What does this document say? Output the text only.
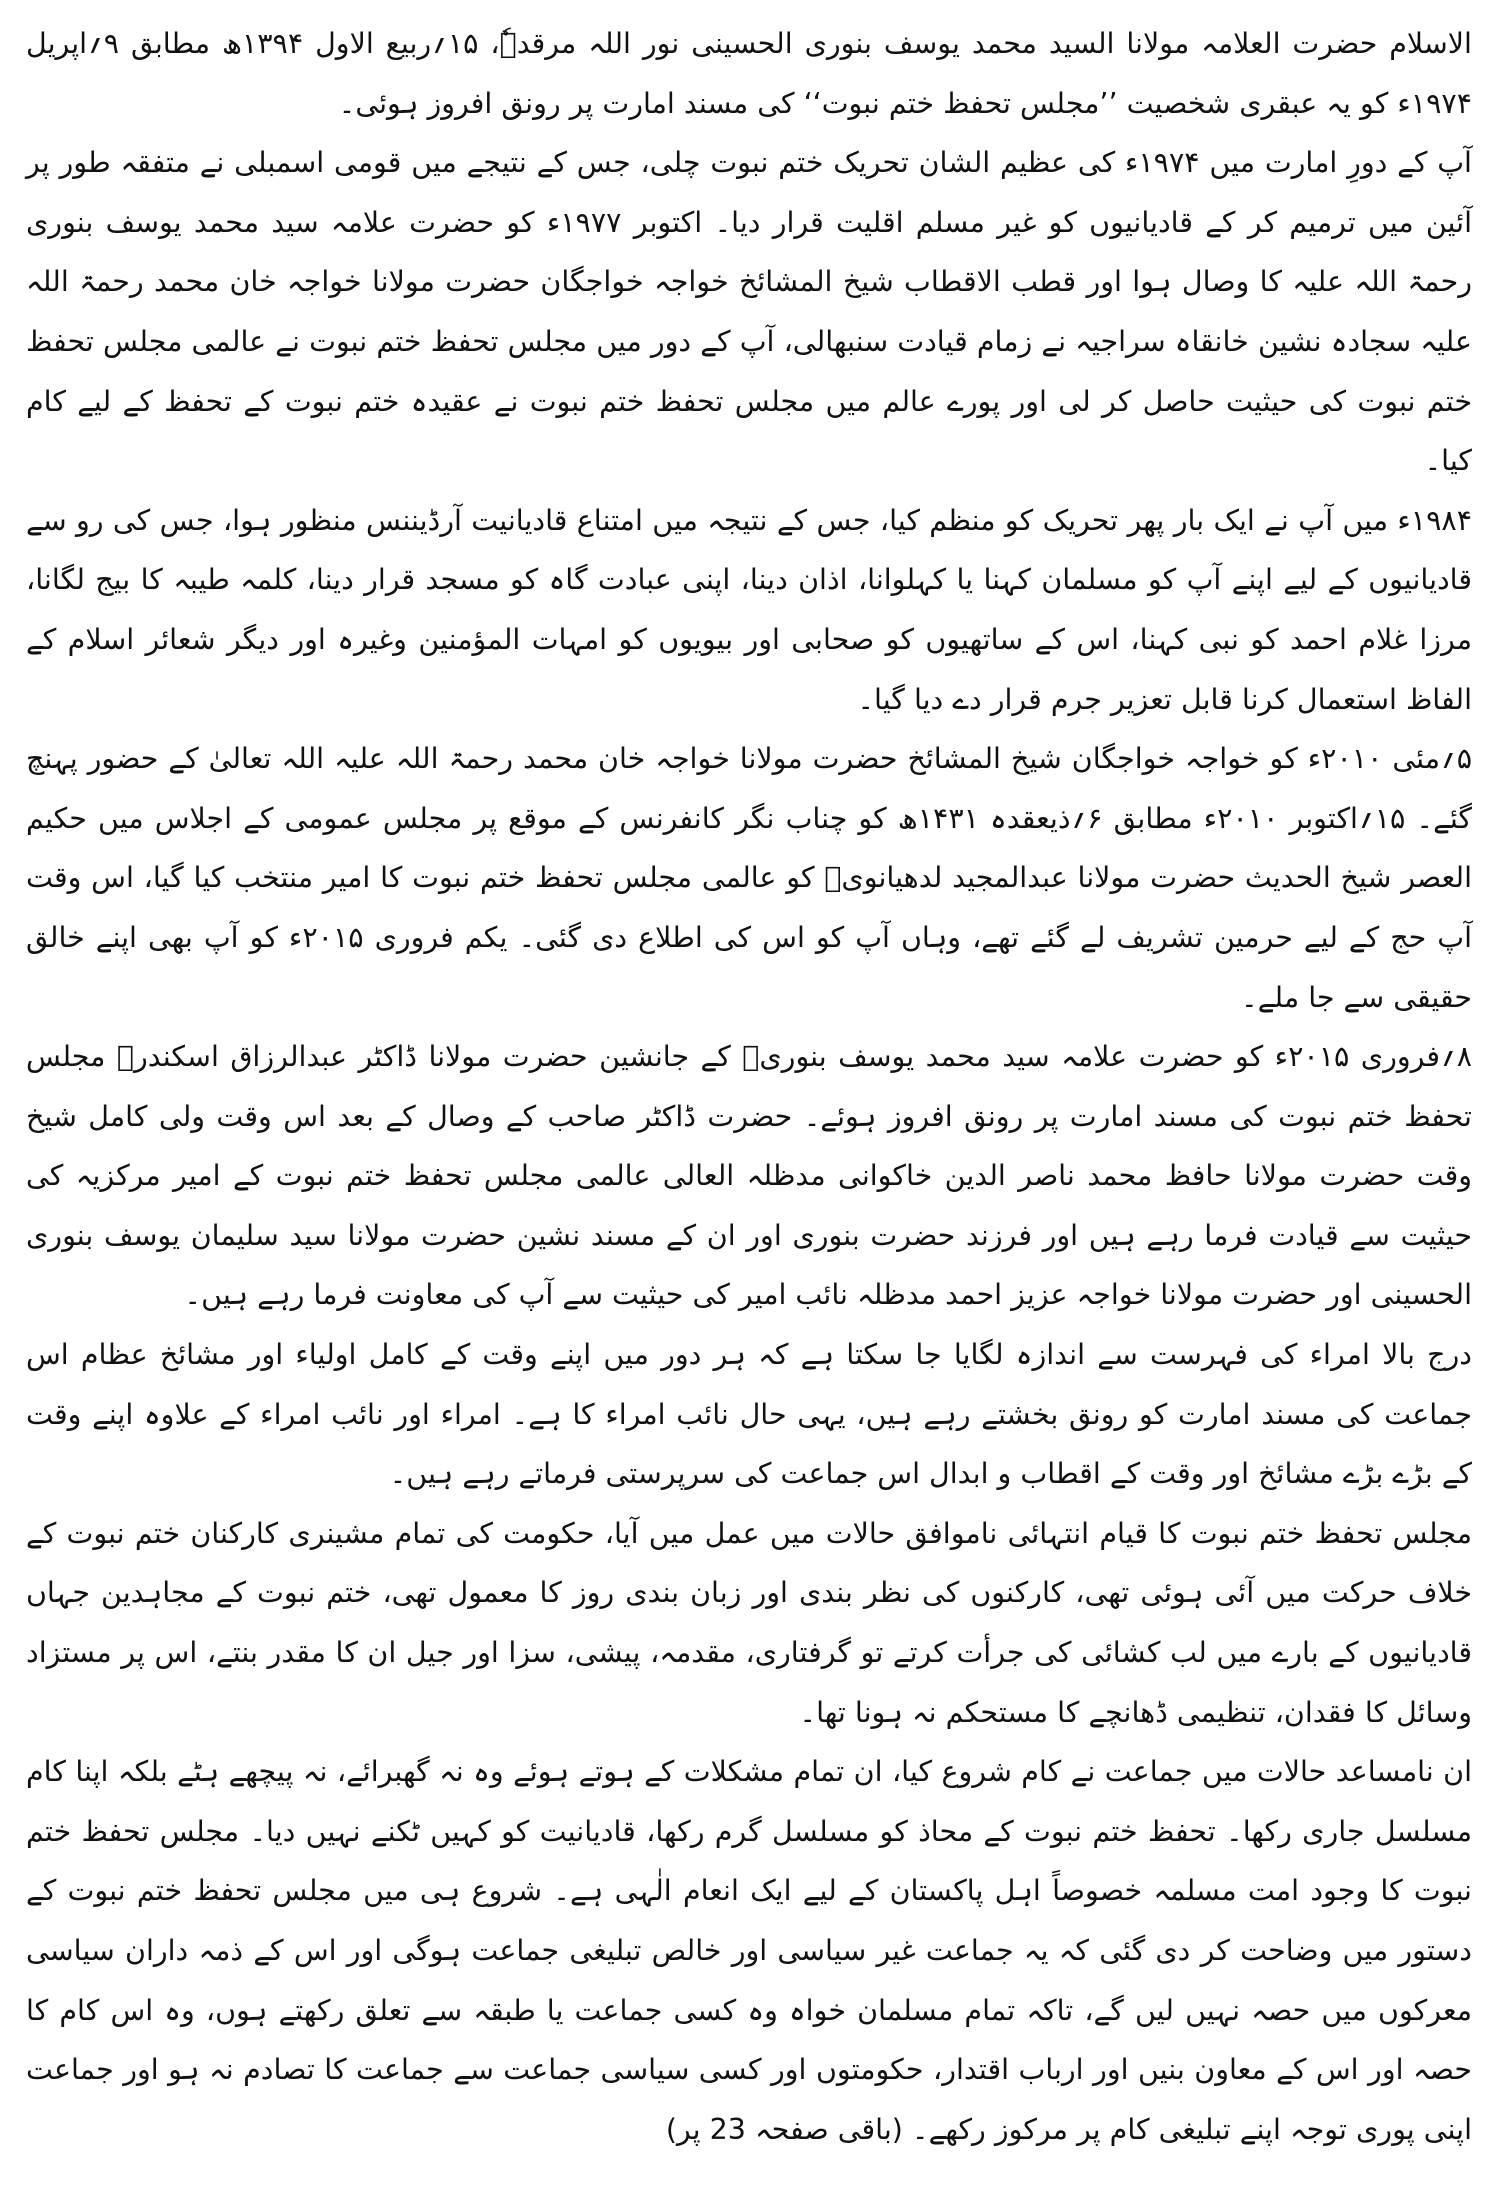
الاسلام حضرت العلامہ مولانا السید محمد یوسف بنوری الحسینی نور اللہ مرقدہٗ، ۱۵؍ربیع الاول ۱۳۹۴ھ مطابق ۹؍اپریل ۱۹۷۴ء کو یہ عبقری شخصیت ’’مجلس تحفظ ختم نبوت‘‘ کی مسند امارت پر رونق افروز ہوئی۔

آپ کے دورِ امارت میں ۱۹۷۴ء کی عظیم الشان تحریک ختم نبوت چلی، جس کے نتیجے میں قومی اسمبلی نے متفقہ طور پر آئین میں ترمیم کر کے قادیانیوں کو غیر مسلم اقلیت قرار دیا۔ اکتوبر ۱۹۷۷ء کو حضرت علامہ سید محمد یوسف بنوری رحمۃ اللہ علیہ کا وصال ہوا اور قطب الاقطاب شیخ المشائخ خواجہ خواجگان حضرت مولانا خواجہ خان محمد رحمۃ اللہ علیہ سجادہ نشین خانقاہ سراجیہ نے زمام قیادت سنبھالی، آپ کے دور میں مجلس تحفظ ختم نبوت نے عالمی مجلس تحفظ ختم نبوت کی حیثیت حاصل کر لی اور پورے عالم میں مجلس تحفظ ختم نبوت نے عقیدہ ختم نبوت کے تحفظ کے لیے کام کیا۔

۱۹۸۴ء میں آپ نے ایک بار پھر تحریک کو منظم کیا، جس کے نتیجہ میں امتناع قادیانیت آرڈیننس منظور ہوا، جس کی رو سے قادیانیوں کے لیے اپنے آپ کو مسلمان کہنا یا کہلوانا، اذان دینا، اپنی عبادت گاہ کو مسجد قرار دینا، کلمہ طیبہ کا بیج لگانا، مرزا غلام احمد کو نبی کہنا، اس کے ساتھیوں کو صحابی اور بیویوں کو امہات المؤمنین وغیرہ اور دیگر شعائر اسلام کے الفاظ استعمال کرنا قابل تعزیر جرم قرار دے دیا گیا۔

۵؍مئی ۲۰۱۰ء کو خواجہ خواجگان شیخ المشائخ حضرت مولانا خواجہ خان محمد رحمۃ اللہ علیہ اللہ تعالیٰ کے حضور پہنچ گئے۔ ۱۵؍اکتوبر ۲۰۱۰ء مطابق ۶؍ذیعقدہ ۱۴۳۱ھ کو چناب نگر کانفرنس کے موقع پر مجلس عمومی کے اجلاس میں حکیم العصر شیخ الحدیث حضرت مولانا عبدالمجید لدھیانویؒ کو عالمی مجلس تحفظ ختم نبوت کا امیر منتخب کیا گیا، اس وقت آپ حج کے لیے حرمین تشریف لے گئے تھے، وہاں آپ کو اس کی اطلاع دی گئی۔ یکم فروری ۲۰۱۵ء کو آپ بھی اپنے خالق حقیقی سے جا ملے۔

۸؍فروری ۲۰۱۵ء کو حضرت علامہ سید محمد یوسف بنوریؒ کے جانشین حضرت مولانا ڈاکٹر عبدالرزاق اسکندرؒ مجلس تحفظ ختم نبوت کی مسند امارت پر رونق افروز ہوئے۔ حضرت ڈاکٹر صاحب کے وصال کے بعد اس وقت ولی کامل شیخ وقت حضرت مولانا حافظ محمد ناصر الدین خاکوانی مدظلہ العالی عالمی مجلس تحفظ ختم نبوت کے امیر مرکزیہ کی حیثیت سے قیادت فرما رہے ہیں اور فرزند حضرت بنوری اور ان کے مسند نشین حضرت مولانا سید سلیمان یوسف بنوری الحسینی اور حضرت مولانا خواجہ عزیز احمد مدظلہ نائب امیر کی حیثیت سے آپ کی معاونت فرما رہے ہیں۔

درج بالا امراء کی فہرست سے اندازہ لگایا جا سکتا ہے کہ ہر دور میں اپنے وقت کے کامل اولیاء اور مشائخ عظام اس جماعت کی مسند امارت کو رونق بخشتے رہے ہیں، یہی حال نائب امراء کا ہے۔ امراء اور نائب امراء کے علاوہ اپنے وقت کے بڑے بڑے مشائخ اور وقت کے اقطاب و ابدال اس جماعت کی سرپرستی فرماتے رہے ہیں۔

مجلس تحفظ ختم نبوت کا قیام انتہائی ناموافق حالات میں عمل میں آیا، حکومت کی تمام مشینری کارکنان ختم نبوت کے خلاف حرکت میں آئی ہوئی تھی، کارکنوں کی نظر بندی اور زبان بندی روز کا معمول تھی، ختم نبوت کے مجاہدین جہاں قادیانیوں کے بارے میں لب کشائی کی جرأت کرتے تو گرفتاری، مقدمہ، پیشی، سزا اور جیل ان کا مقدر بنتے، اس پر مستزاد وسائل کا فقدان، تنظیمی ڈھانچے کا مستحکم نہ ہونا تھا۔

ان نامساعد حالات میں جماعت نے کام شروع کیا، ان تمام مشکلات کے ہوتے ہوئے وہ نہ گھبرائے، نہ پیچھے ہٹے بلکہ اپنا کام مسلسل جاری رکھا۔ تحفظ ختم نبوت کے محاذ کو مسلسل گرم رکھا، قادیانیت کو کہیں ٹکنے نہیں دیا۔ مجلس تحفظ ختم نبوت کا وجود امت مسلمہ خصوصاً اہل پاکستان کے لیے ایک انعام الٰہی ہے۔ شروع ہی میں مجلس تحفظ ختم نبوت کے دستور میں وضاحت کر دی گئی کہ یہ جماعت غیر سیاسی اور خالص تبلیغی جماعت ہوگی اور اس کے ذمہ داران سیاسی معرکوں میں حصہ نہیں لیں گے، تاکہ تمام مسلمان خواہ وہ کسی جماعت یا طبقہ سے تعلق رکھتے ہوں، وہ اس کام کا حصہ اور اس کے معاون بنیں اور ارباب اقتدار، حکومتوں اور کسی سیاسی جماعت سے جماعت کا تصادم نہ ہو اور جماعت اپنی پوری توجہ اپنے تبلیغی کام پر مرکوز رکھے۔ (باقی صفحہ 23 پر)
